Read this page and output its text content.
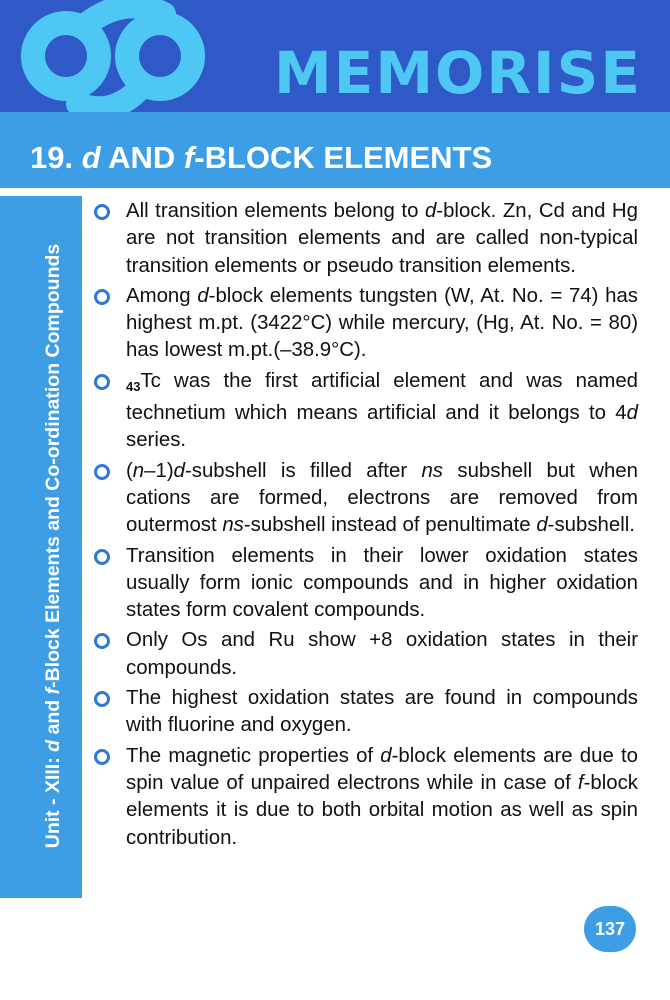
MEMORISE
19. d AND f-BLOCK ELEMENTS
Unit - XIII: d and f-Block Elements and Co-ordination Compounds
All transition elements belong to d-block. Zn, Cd and Hg are not transition elements and are called non-typical transition elements or pseudo transition elements.
Among d-block elements tungsten (W, At. No. = 74) has highest m.pt. (3422°C) while mercury, (Hg, At. No. = 80) has lowest m.pt.(–38.9°C).
$_{43}$Tc was the first artificial element and was named technetium which means artificial and it belongs to 4d series.
(n–1)d-subshell is filled after ns subshell but when cations are formed, electrons are removed from outermost ns-subshell instead of penultimate d-subshell.
Transition elements in their lower oxidation states usually form ionic compounds and in higher oxidation states form covalent compounds.
Only Os and Ru show +8 oxidation states in their compounds.
The highest oxidation states are found in compounds with fluorine and oxygen.
The magnetic properties of d-block elements are due to spin value of unpaired electrons while in case of f-block elements it is due to both orbital motion as well as spin contribution.
137
